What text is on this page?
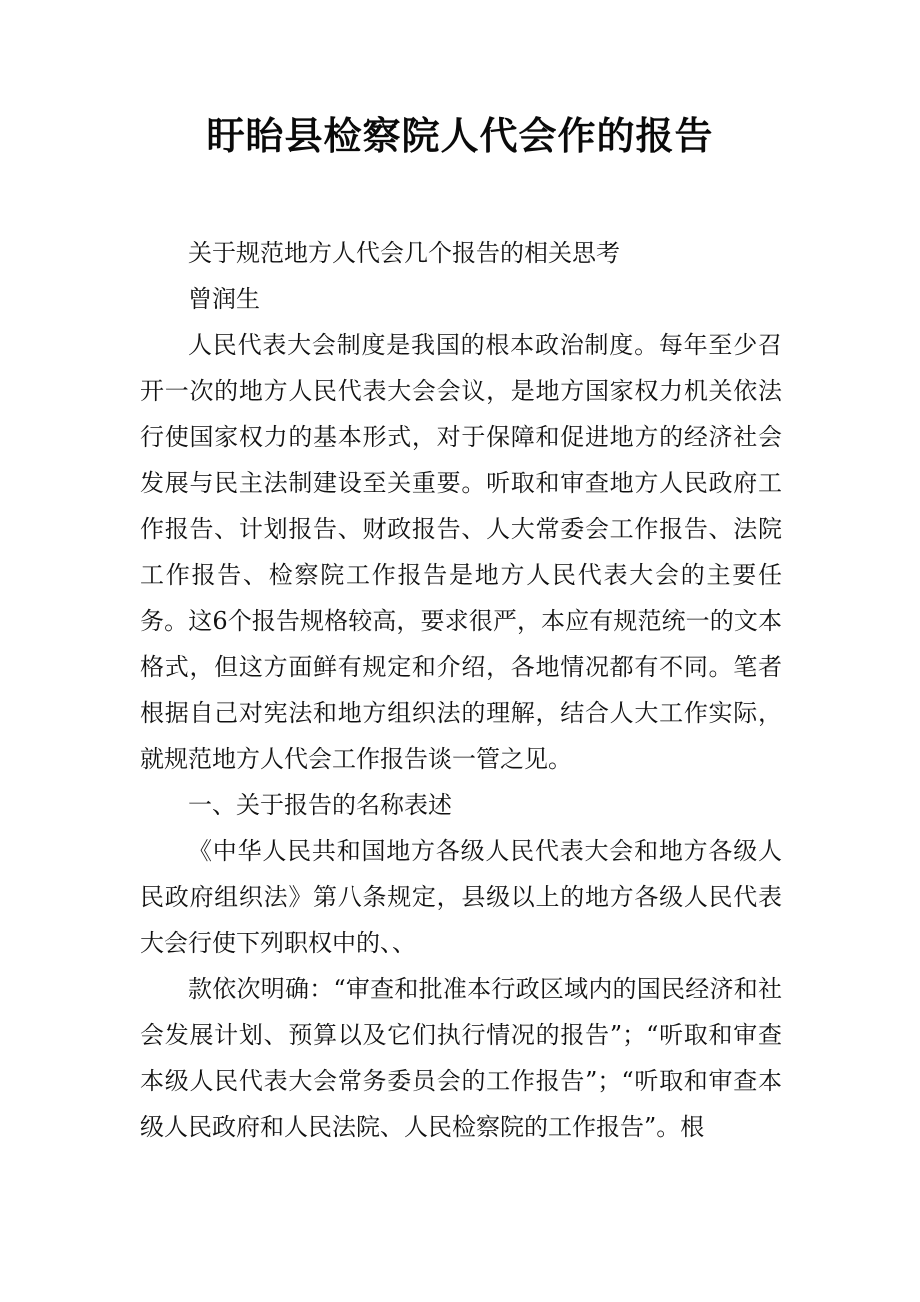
盱眙县检察院人代会作的报告

关于规范地方人代会几个报告的相关思考

曾润生

人民代表大会制度是我国的根本政治制度。每年至少召开一次的地方人民代表大会会议，是地方国家权力机关依法行使国家权力的基本形式，对于保障和促进地方的经济社会发展与民主法制建设至关重要。听取和审查地方人民政府工作报告、计划报告、财政报告、人大常委会工作报告、法院工作报告、检察院工作报告是地方人民代表大会的主要任务。这6个报告规格较高，要求很严，本应有规范统一的文本格式，但这方面鲜有规定和介绍，各地情况都有不同。笔者根据自己对宪法和地方组织法的理解，结合人大工作实际，就规范地方人代会工作报告谈一管之见。

一、关于报告的名称表述

《中华人民共和国地方各级人民代表大会和地方各级人民政府组织法》第八条规定，县级以上的地方各级人民代表大会行使下列职权中的、、

款依次明确：“审查和批准本行政区域内的国民经济和社会发展计划、预算以及它们执行情况的报告”；“听取和审查本级人民代表大会常务委员会的工作报告”；“听取和审查本级人民政府和人民法院、人民检察院的工作报告”。根
